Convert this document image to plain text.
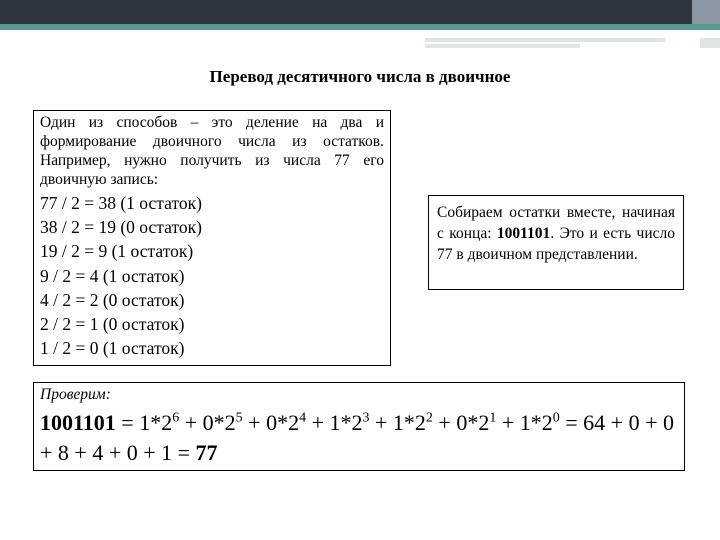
Перевод десятичного числа в двоичное

Один из способов – это деление на два и формирование двоичного числа из остатков. Например, нужно получить из числа 77 его двоичную запись:

77 / 2 = 38 (1 остаток)
38 / 2 = 19 (0 остаток)
19 / 2 = 9 (1 остаток)
9 / 2 = 4 (1 остаток)
4 / 2 = 2 (0 остаток)
2 / 2 = 1 (0 остаток)
1 / 2 = 0 (1 остаток)

Собираем остатки вместе, начиная с конца: 1001101. Это и есть число 77 в двоичном представлении.

Проверим:
$1001101 = 1*2^6 + 0*2^5 + 0*2^4 + 1*2^3 + 1*2^2 + 0*2^1 + 1*2^0 = 64 + 0 + 0 + 8 + 4 + 0 + 1 = 77$
